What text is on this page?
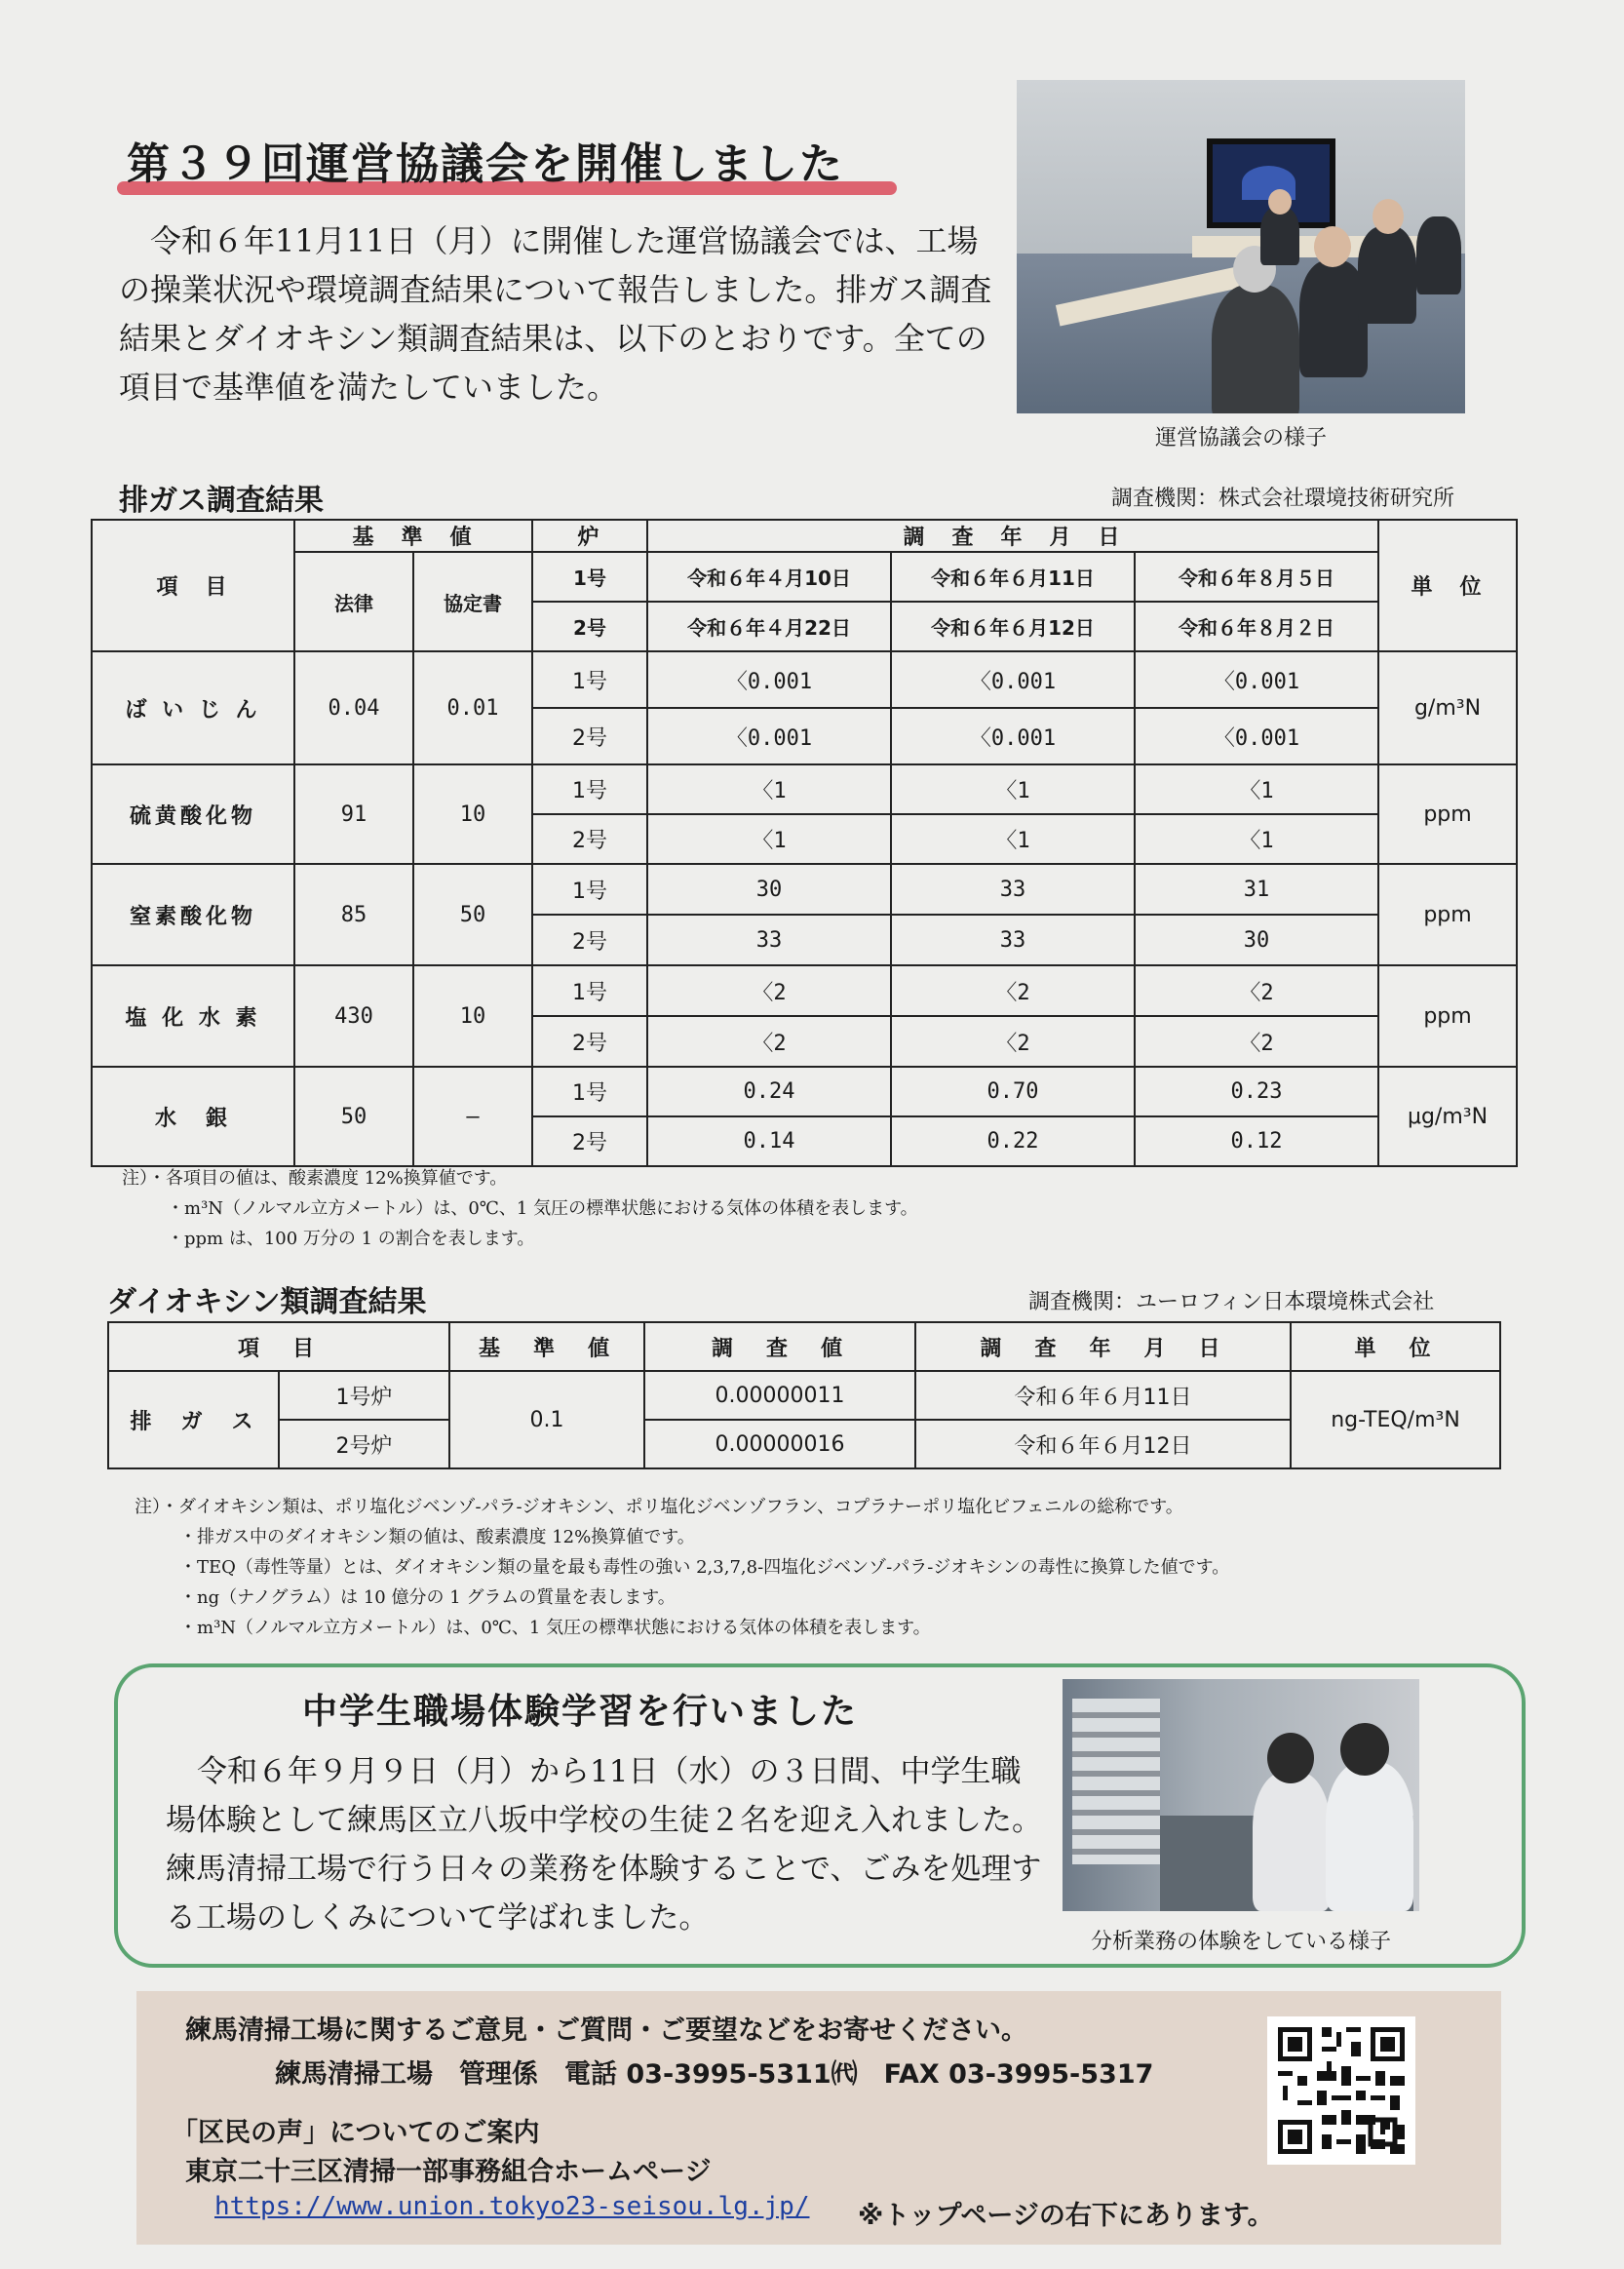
第３９回運営協議会を開催しました

令和６年11月11日（月）に開催した運営協議会では、工場の操業状況や環境調査結果について報告しました。排ガス調査結果とダイオキシン類調査結果は、以下のとおりです。全ての項目で基準値を満たしていました。

運営協議会の様子
排ガス調査結果	調査機関：株式会社環境技術研究所
項　目	基　準　値		炉	調　査　年　月　日			単　位
	法律	協定書	1号	令和６年４月10日	令和６年６月11日	令和６年８月５日	
			2号	令和６年４月22日	令和６年６月12日	令和６年８月２日	
ば い じ ん	0.04	0.01	1号	〈0.001	〈0.001	〈0.001	g/m³N
			2号	〈0.001	〈0.001	〈0.001	
硫黄酸化物	91	10	1号	〈1	〈1	〈1	ppm
			2号	〈1	〈1	〈1	
窒素酸化物	85	50	1号	30	33	31	ppm
			2号	33	33	30	
塩 化 水 素	430	10	1号	〈2	〈2	〈2	ppm
			2号	〈2	〈2	〈2	
水　銀	50	—	1号	0.24	0.70	0.23	μg/m³N
			2号	0.14	0.22	0.12	
注）・各項目の値は、酸素濃度 12%換算値です。
・m³N（ノルマル立方メートル）は、0℃、1 気圧の標準状態における気体の体積を表します。
・ppm は、100 万分の 1 の割合を表します。
ダイオキシン類調査結果	調査機関：ユーロフィン日本環境株式会社
項　目		基　準　値	調　査　値	調　査　年　月　日	単　位
排　ガ　ス	1号炉	0.1	0.00000011	令和６年６月11日	ng-TEQ/m³N
	2号炉		0.00000016	令和６年６月12日	
注）・ダイオキシン類は、ポリ塩化ジベンゾ-パラ-ジオキシン、ポリ塩化ジベンゾフラン、コプラナーポリ塩化ビフェニルの総称です。
・排ガス中のダイオキシン類の値は、酸素濃度 12%換算値です。
・TEQ（毒性等量）とは、ダイオキシン類の量を最も毒性の強い 2,3,7,8-四塩化ジベンゾ-パラ-ジオキシンの毒性に換算した値です。
・ng（ナノグラム）は 10 億分の 1 グラムの質量を表します。
・m³N（ノルマル立方メートル）は、0℃、1 気圧の標準状態における気体の体積を表します。
中学生職場体験学習を行いました

令和６年９月９日（月）から11日（水）の３日間、中学生職場体験として練馬区立八坂中学校の生徒２名を迎え入れました。練馬清掃工場で行う日々の業務を体験することで、ごみを処理する工場のしくみについて学ばれました。

分析業務の体験をしている様子
練馬清掃工場に関するご意見・ご質問・ご要望などをお寄せください。
練馬清掃工場　管理係　電話 03-3995-5311㈹　FAX 03-3995-5317
「区民の声」についてのご案内
東京二十三区清掃一部事務組合ホームページ
https://www.union.tokyo23-seisou.lg.jp/ ※トップページの右下にあります。
